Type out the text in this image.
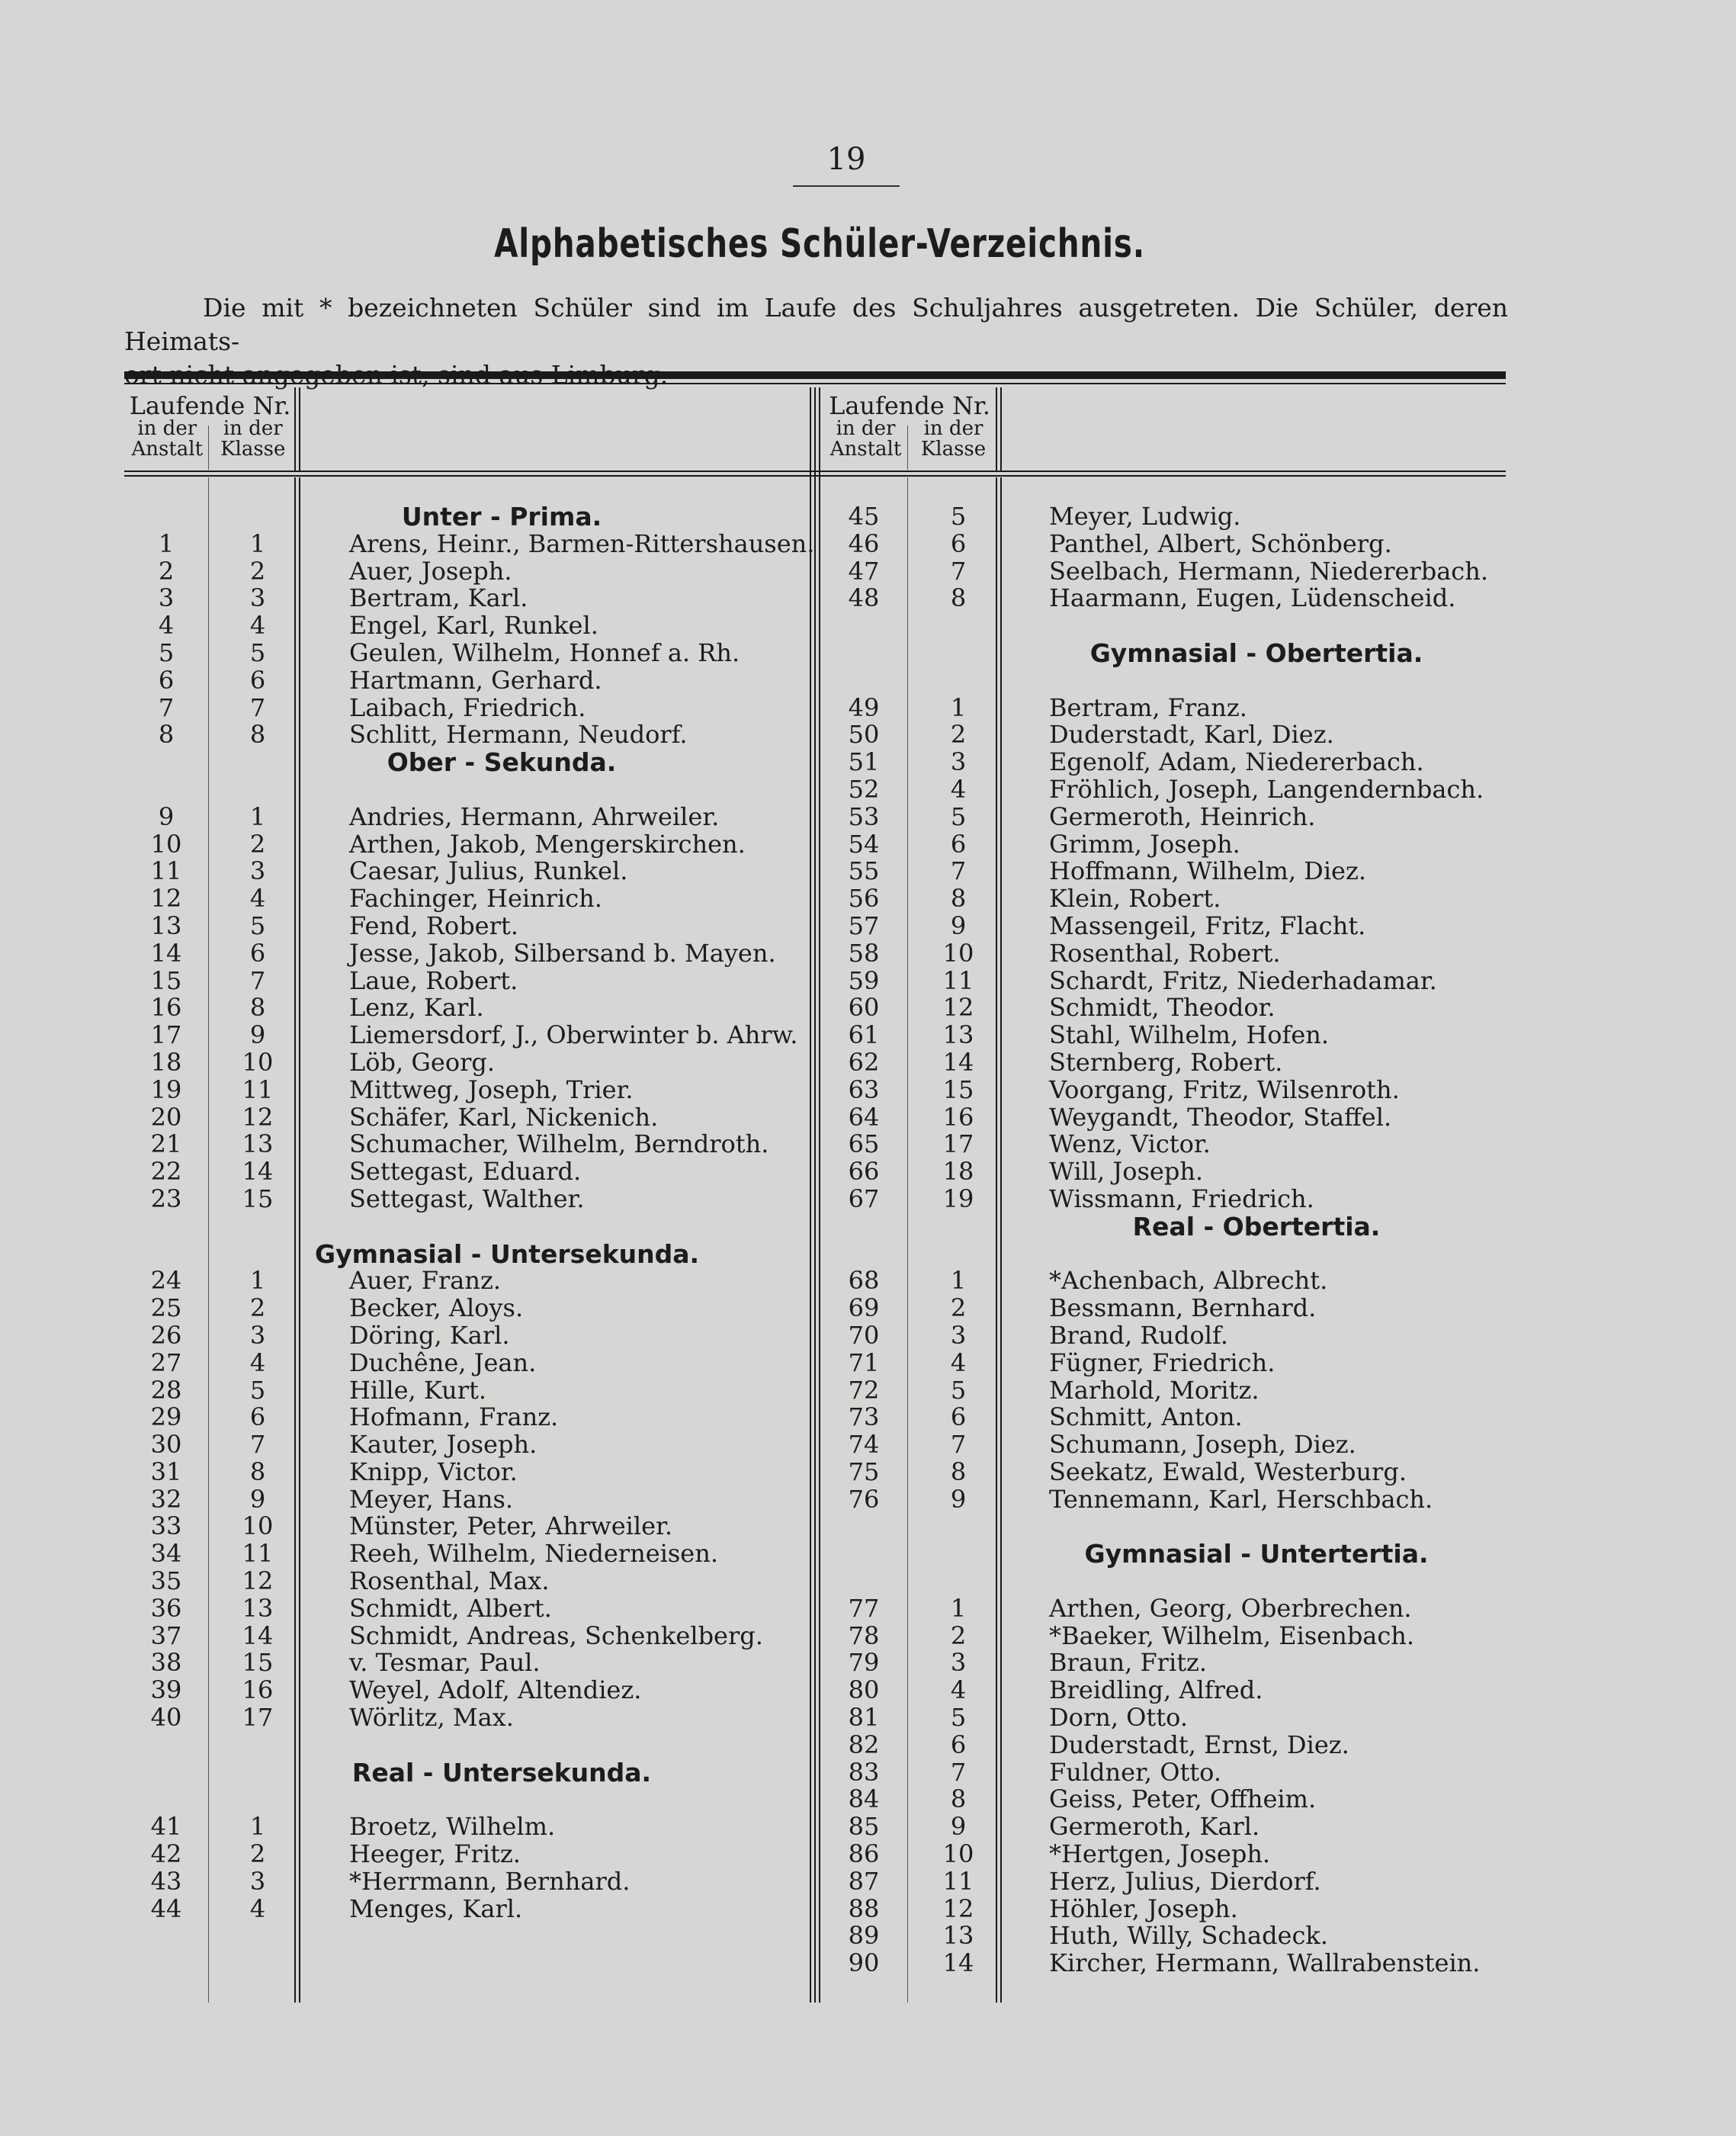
19
Alphabetisches Schüler-Verzeichnis.
Die mit * bezeichneten Schüler sind im Laufe des Schuljahres ausgetreten. Die Schüler, deren Heimats-
Laufende Nr.
in der in der
Anstalt Klasse
Laufende Nr.
in der in der
Anstalt Klasse
Unter - Prima.
1	1	Arens, Heinr., Barmen-Rittershausen.
2	2	Auer, Joseph.
3	3	Bertram, Karl.
4	4	Engel, Karl, Runkel.
5	5	Geulen, Wilhelm, Honnef a. Rh.
6	6	Hartmann, Gerhard.
7	7	Laibach, Friedrich.
8	8	Schlitt, Hermann, Neudorf.
Ober - Sekunda.
9	1	Andries, Hermann, Ahrweiler.
10	2	Arthen, Jakob, Mengerskirchen.
11	3	Caesar, Julius, Runkel.
12	4	Fachinger, Heinrich.
13	5	Fend, Robert.
14	6	Jesse, Jakob, Silbersand b. Mayen.
15	7	Laue, Robert.
16	8	Lenz, Karl.
17	9	Liemersdorf, J., Oberwinter b. Ahrw.
18	10	Löb, Georg.
19	11	Mittweg, Joseph, Trier.
20	12	Schäfer, Karl, Nickenich.
21	13	Schumacher, Wilhelm, Berndroth.
22	14	Settegast, Eduard.
23	15	Settegast, Walther.
Gymnasial - Untersekunda.
24	1	Auer, Franz.
25	2	Becker, Aloys.
26	3	Döring, Karl.
27	4	Duchêne, Jean.
28	5	Hille, Kurt.
29	6	Hofmann, Franz.
30	7	Kauter, Joseph.
31	8	Knipp, Victor.
32	9	Meyer, Hans.
33	10	Münster, Peter, Ahrweiler.
34	11	Reeh, Wilhelm, Niederneisen.
35	12	Rosenthal, Max.
36	13	Schmidt, Albert.
37	14	Schmidt, Andreas, Schenkelberg.
38	15	v. Tesmar, Paul.
39	16	Weyel, Adolf, Altendiez.
40	17	Wörlitz, Max.
Real - Untersekunda.
41	1	Broetz, Wilhelm.
42	2	Heeger, Fritz.
43	3	*Herrmann, Bernhard.
44	4	Menges, Karl.
45	5	Meyer, Ludwig.
46	6	Panthel, Albert, Schönberg.
47	7	Seelbach, Hermann, Niedererbach.
48	8	Haarmann, Eugen, Lüdenscheid.
Gymnasial - Obertertia.
49	1	Bertram, Franz.
50	2	Duderstadt, Karl, Diez.
51	3	Egenolf, Adam, Niedererbach.
52	4	Fröhlich, Joseph, Langendernbach.
53	5	Germeroth, Heinrich.
54	6	Grimm, Joseph.
55	7	Hoffmann, Wilhelm, Diez.
56	8	Klein, Robert.
57	9	Massengeil, Fritz, Flacht.
58	10	Rosenthal, Robert.
59	11	Schardt, Fritz, Niederhadamar.
60	12	Schmidt, Theodor.
61	13	Stahl, Wilhelm, Hofen.
62	14	Sternberg, Robert.
63	15	Voorgang, Fritz, Wilsenroth.
64	16	Weygandt, Theodor, Staffel.
65	17	Wenz, Victor.
66	18	Will, Joseph.
67	19	Wissmann, Friedrich.
Real - Obertertia.
68	1	*Achenbach, Albrecht.
69	2	Bessmann, Bernhard.
70	3	Brand, Rudolf.
71	4	Fügner, Friedrich.
72	5	Marhold, Moritz.
73	6	Schmitt, Anton.
74	7	Schumann, Joseph, Diez.
75	8	Seekatz, Ewald, Westerburg.
76	9	Tennemann, Karl, Herschbach.
Gymnasial - Untertertia.
77	1	Arthen, Georg, Oberbrechen.
78	2	*Baeker, Wilhelm, Eisenbach.
79	3	Braun, Fritz.
80	4	Breidling, Alfred.
81	5	Dorn, Otto.
82	6	Duderstadt, Ernst, Diez.
83	7	Fuldner, Otto.
84	8	Geiss, Peter, Offheim.
85	9	Germeroth, Karl.
86	10	*Hertgen, Joseph.
87	11	Herz, Julius, Dierdorf.
88	12	Höhler, Joseph.
89	13	Huth, Willy, Schadeck.
90	14	Kircher, Hermann, Wallrabenstein.
